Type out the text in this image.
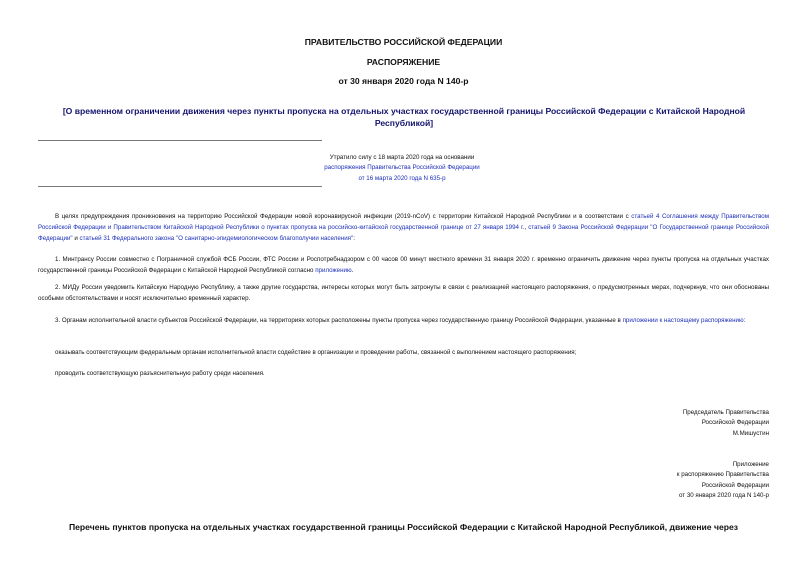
ПРАВИТЕЛЬСТВО РОССИЙСКОЙ ФЕДЕРАЦИИ
РАСПОРЯЖЕНИЕ
от 30 января 2020 года N 140-р
[О временном ограничении движения через пункты пропуска на отдельных участках государственной границы Российской Федерации с Китайской Народной Республикой]
Утратило силу с 18 марта 2020 года на основании
распоряжения Правительства Российской Федерации
от 16 марта 2020 года N 635-р
В целях предупреждения проникновения на территорию Российской Федерации новой коронавирусной инфекции (2019-nCoV) с территории Китайской Народной Республики и в соответствии с статьей 4 Соглашения между Правительством Российской Федерации и Правительством Китайской Народной Республики о пунктах пропуска на российско-китайской государственной границе от 27 января 1994 г., статьей 9 Закона Российской Федерации "О Государственной границе Российской Федерации" и статьей 31 Федерального закона "О санитарно-эпидемиологическом благополучии населения":
1. Минтрансу России совместно с Пограничной службой ФСБ России, ФТС России и Роспотребнадзором с 00 часов 00 минут местного времени 31 января 2020 г. временно ограничить движение через пункты пропуска на отдельных участках государственной границы Российской Федерации с Китайской Народной Республикой согласно приложению.
2. МИДу России уведомить Китайскую Народную Республику, а также другие государства, интересы которых могут быть затронуты в связи с реализацией настоящего распоряжения, о предусмотренных мерах, подчеркнув, что они обоснованы особыми обстоятельствами и носят исключительно временный характер.
3. Органам исполнительной власти субъектов Российской Федерации, на территориях которых расположены пункты пропуска через государственную границу Российской Федерации, указанные в приложении к настоящему распоряжению:
оказывать соответствующим федеральным органам исполнительной власти содействие в организации и проведении работы, связанной с выполнением настоящего распоряжения;
проводить соответствующую разъяснительную работу среди населения.
Председатель Правительства
Российской Федерации
М.Мишустин
Приложение
к распоряжению Правительства
Российской Федерации
от 30 января 2020 года N 140-р
Перечень пунктов пропуска на отдельных участках государственной границы Российской Федерации с Китайской Народной Республикой, движение через
